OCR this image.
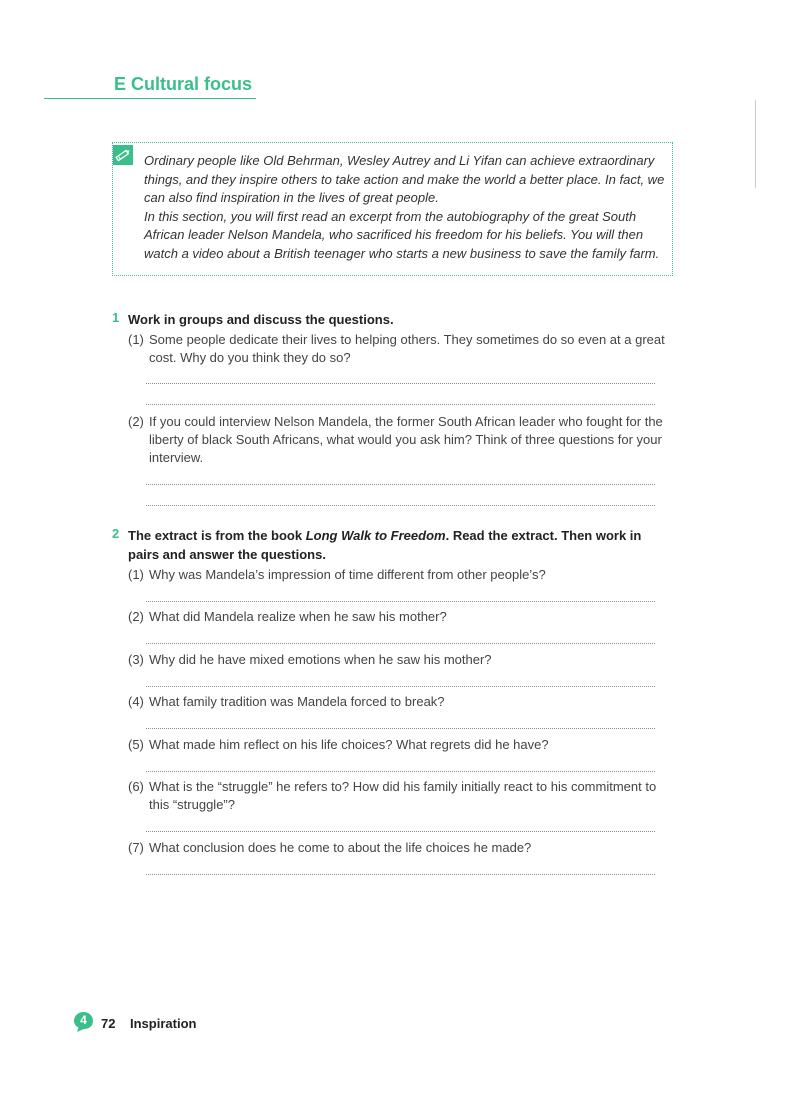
E Cultural focus

Ordinary people like Old Behrman, Wesley Autrey and Li Yifan can achieve extraordinary things, and they inspire others to take action and make the world a better place. In fact, we can also find inspiration in the lives of great people.

In this section, you will first read an excerpt from the autobiography of the great South African leader Nelson Mandela, who sacrificed his freedom for his beliefs. You will then watch a video about a British teenager who starts a new business to save the family farm.

1 Work in groups and discuss the questions.
(1) Some people dedicate their lives to helping others. They sometimes do so even at a great cost. Why do you think they do so?
(2) If you could interview Nelson Mandela, the former South African leader who fought for the liberty of black South Africans, what would you ask him? Think of three questions for your interview.
2 The extract is from the book Long Walk to Freedom. Read the extract. Then work in pairs and answer the questions.
(1) Why was Mandela’s impression of time different from other people’s?
(2) What did Mandela realize when he saw his mother?
(3) Why did he have mixed emotions when he saw his mother?
(4) What family tradition was Mandela forced to break?
(5) What made him reflect on his life choices? What regrets did he have?
(6) What is the “struggle” he refers to? How did his family initially react to his commitment to this “struggle”?
(7) What conclusion does he come to about the life choices he made?
4	72 Inspiration
